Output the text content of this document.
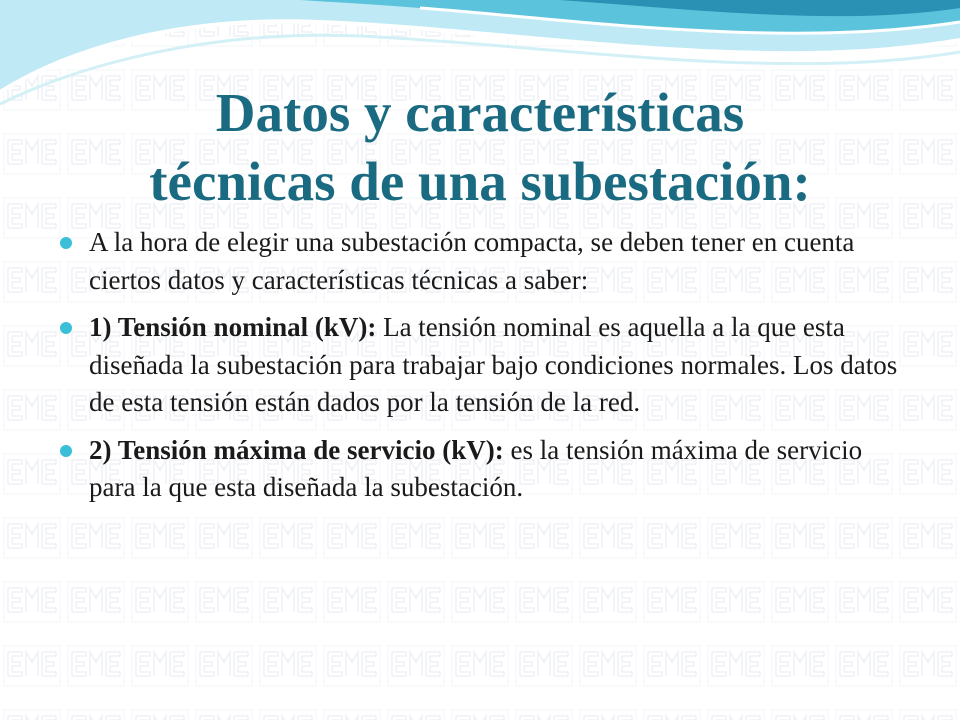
Datos y características
técnicas de una subestación:
A la hora de elegir una subestación compacta, se deben tener en cuenta ciertos datos y características técnicas a saber:
1) Tensión nominal (kV): La tensión nominal es aquella a la que esta diseñada la subestación para trabajar bajo condiciones normales. Los datos de esta tensión están dados por la tensión de la red.
2) Tensión máxima de servicio (kV): es la tensión máxima de servicio para la que esta diseñada la subestación.
